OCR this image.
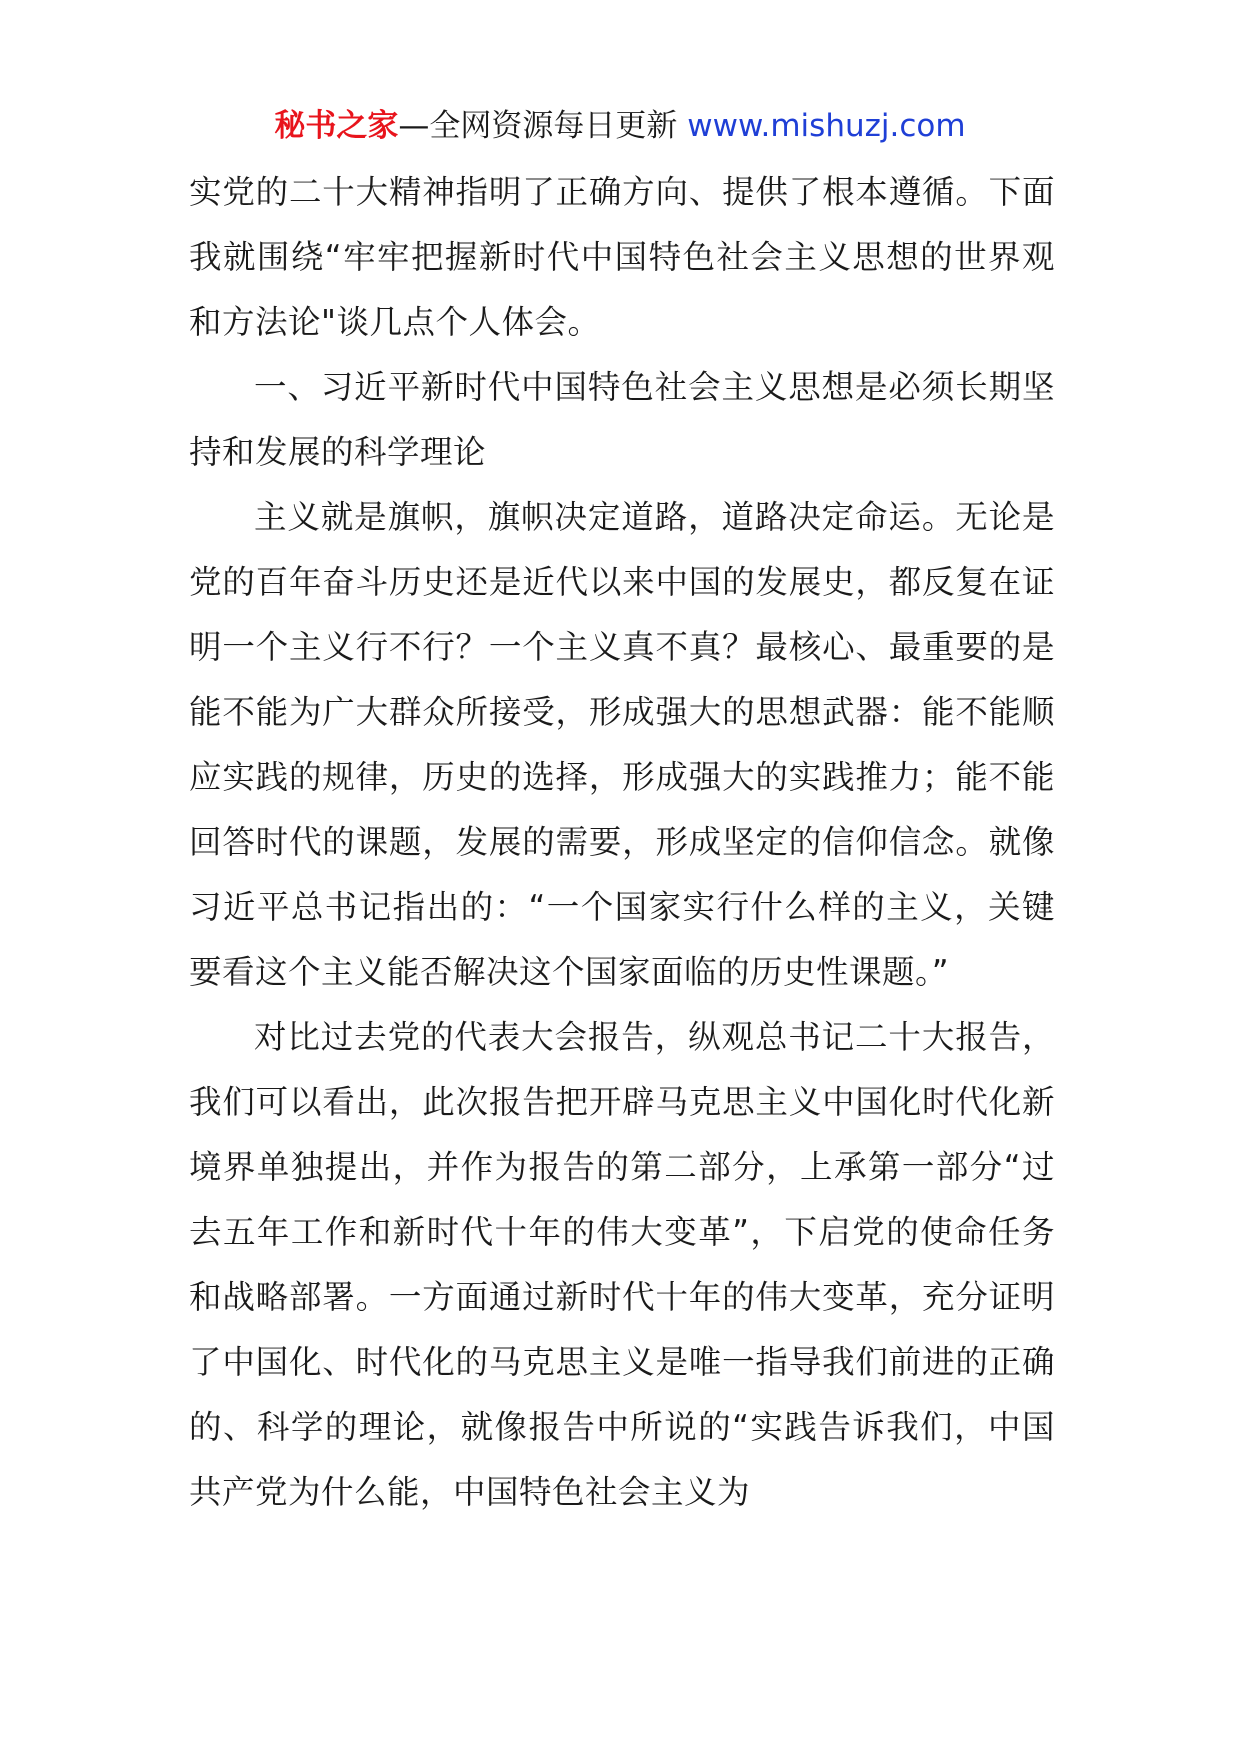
秘书之家—全网资源每日更新 www.mishuzj.com

实党的二十大精神指明了正确方向、提供了根本遵循。下面我就围绕“牢牢把握新时代中国特色社会主义思想的世界观和方法论"谈几点个人体会。

一、习近平新时代中国特色社会主义思想是必须长期坚持和发展的科学理论

主义就是旗帜，旗帜决定道路，道路决定命运。无论是党的百年奋斗历史还是近代以来中国的发展史，都反复在证明一个主义行不行？一个主义真不真？最核心、最重要的是能不能为广大群众所接受，形成强大的思想武器：能不能顺应实践的规律，历史的选择，形成强大的实践推力；能不能回答时代的课题，发展的需要，形成坚定的信仰信念。就像习近平总书记指出的：“一个国家实行什么样的主义，关键要看这个主义能否解决这个国家面临的历史性课题。”

对比过去党的代表大会报告，纵观总书记二十大报告，我们可以看出，此次报告把开辟马克思主义中国化时代化新境界单独提出，并作为报告的第二部分，上承第一部分“过去五年工作和新时代十年的伟大变革”，下启党的使命任务和战略部署。一方面通过新时代十年的伟大变革，充分证明了中国化、时代化的马克思主义是唯一指导我们前进的正确的、科学的理论，就像报告中所说的“实践告诉我们，中国共产党为什么能，中国特色社会主义为
